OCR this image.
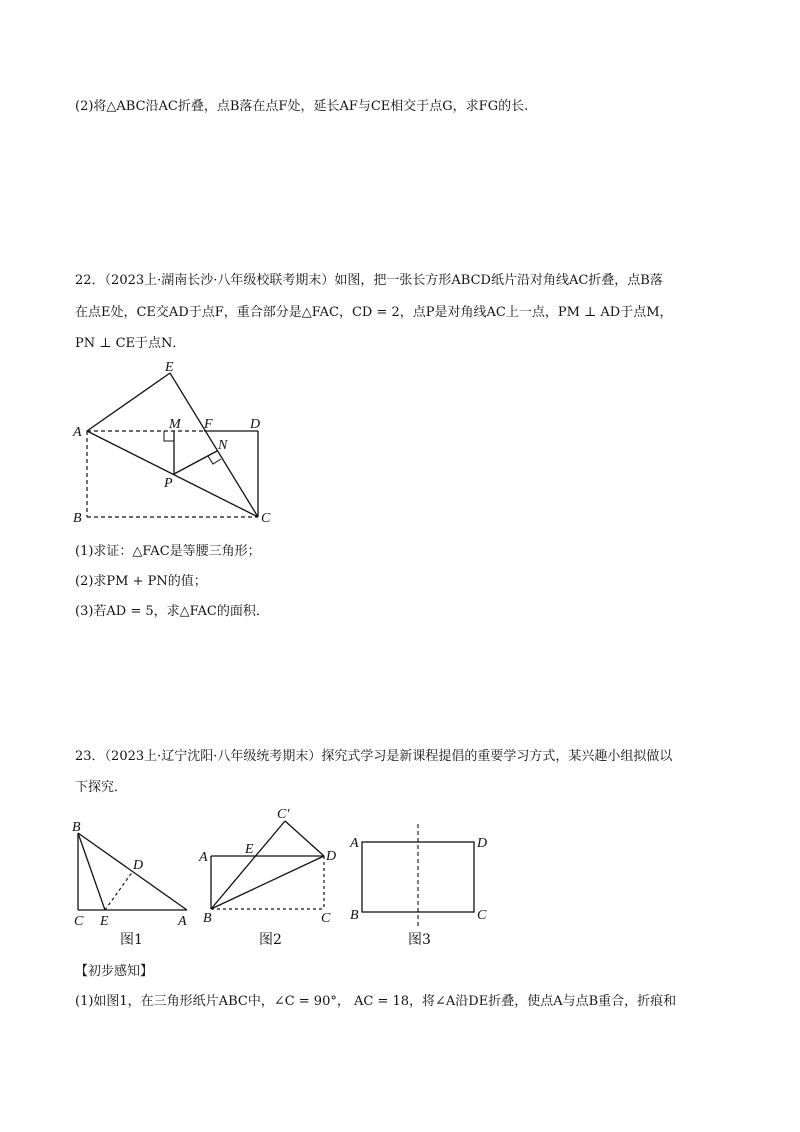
(2)将△ABC沿AC折叠，点B落在点F处，延长AF与CE相交于点G，求FG的长.
22．（2023上·湖南长沙·八年级校联考期末）如图，把一张长方形ABCD纸片沿对角线AC折叠，点B落
在点E处，CE交AD于点F，重合部分是△FAC，CD = 2，点P是对角线AC上一点，PM ⊥ AD于点M，
PN ⊥ CE于点N．
A
B	C
D
E
F
M
N
P
(1)求证：△FAC是等腰三角形；
(2)求PM + PN的值；
(3)若AD = 5，求△FAC的面积．
23．（2023上·辽宁沈阳·八年级统考期末）探究式学习是新课程提倡的重要学习方式，某兴趣小组拟做以
下探究．
B
C E	A
D
图1
A
E
C′
D
B	C
图2
A	D
B	C
图3
【初步感知】
(1)如图1，在三角形纸片ABC中，∠C = 90°， AC = 18，将∠A沿DE折叠，使点A与点B重合，折痕和
